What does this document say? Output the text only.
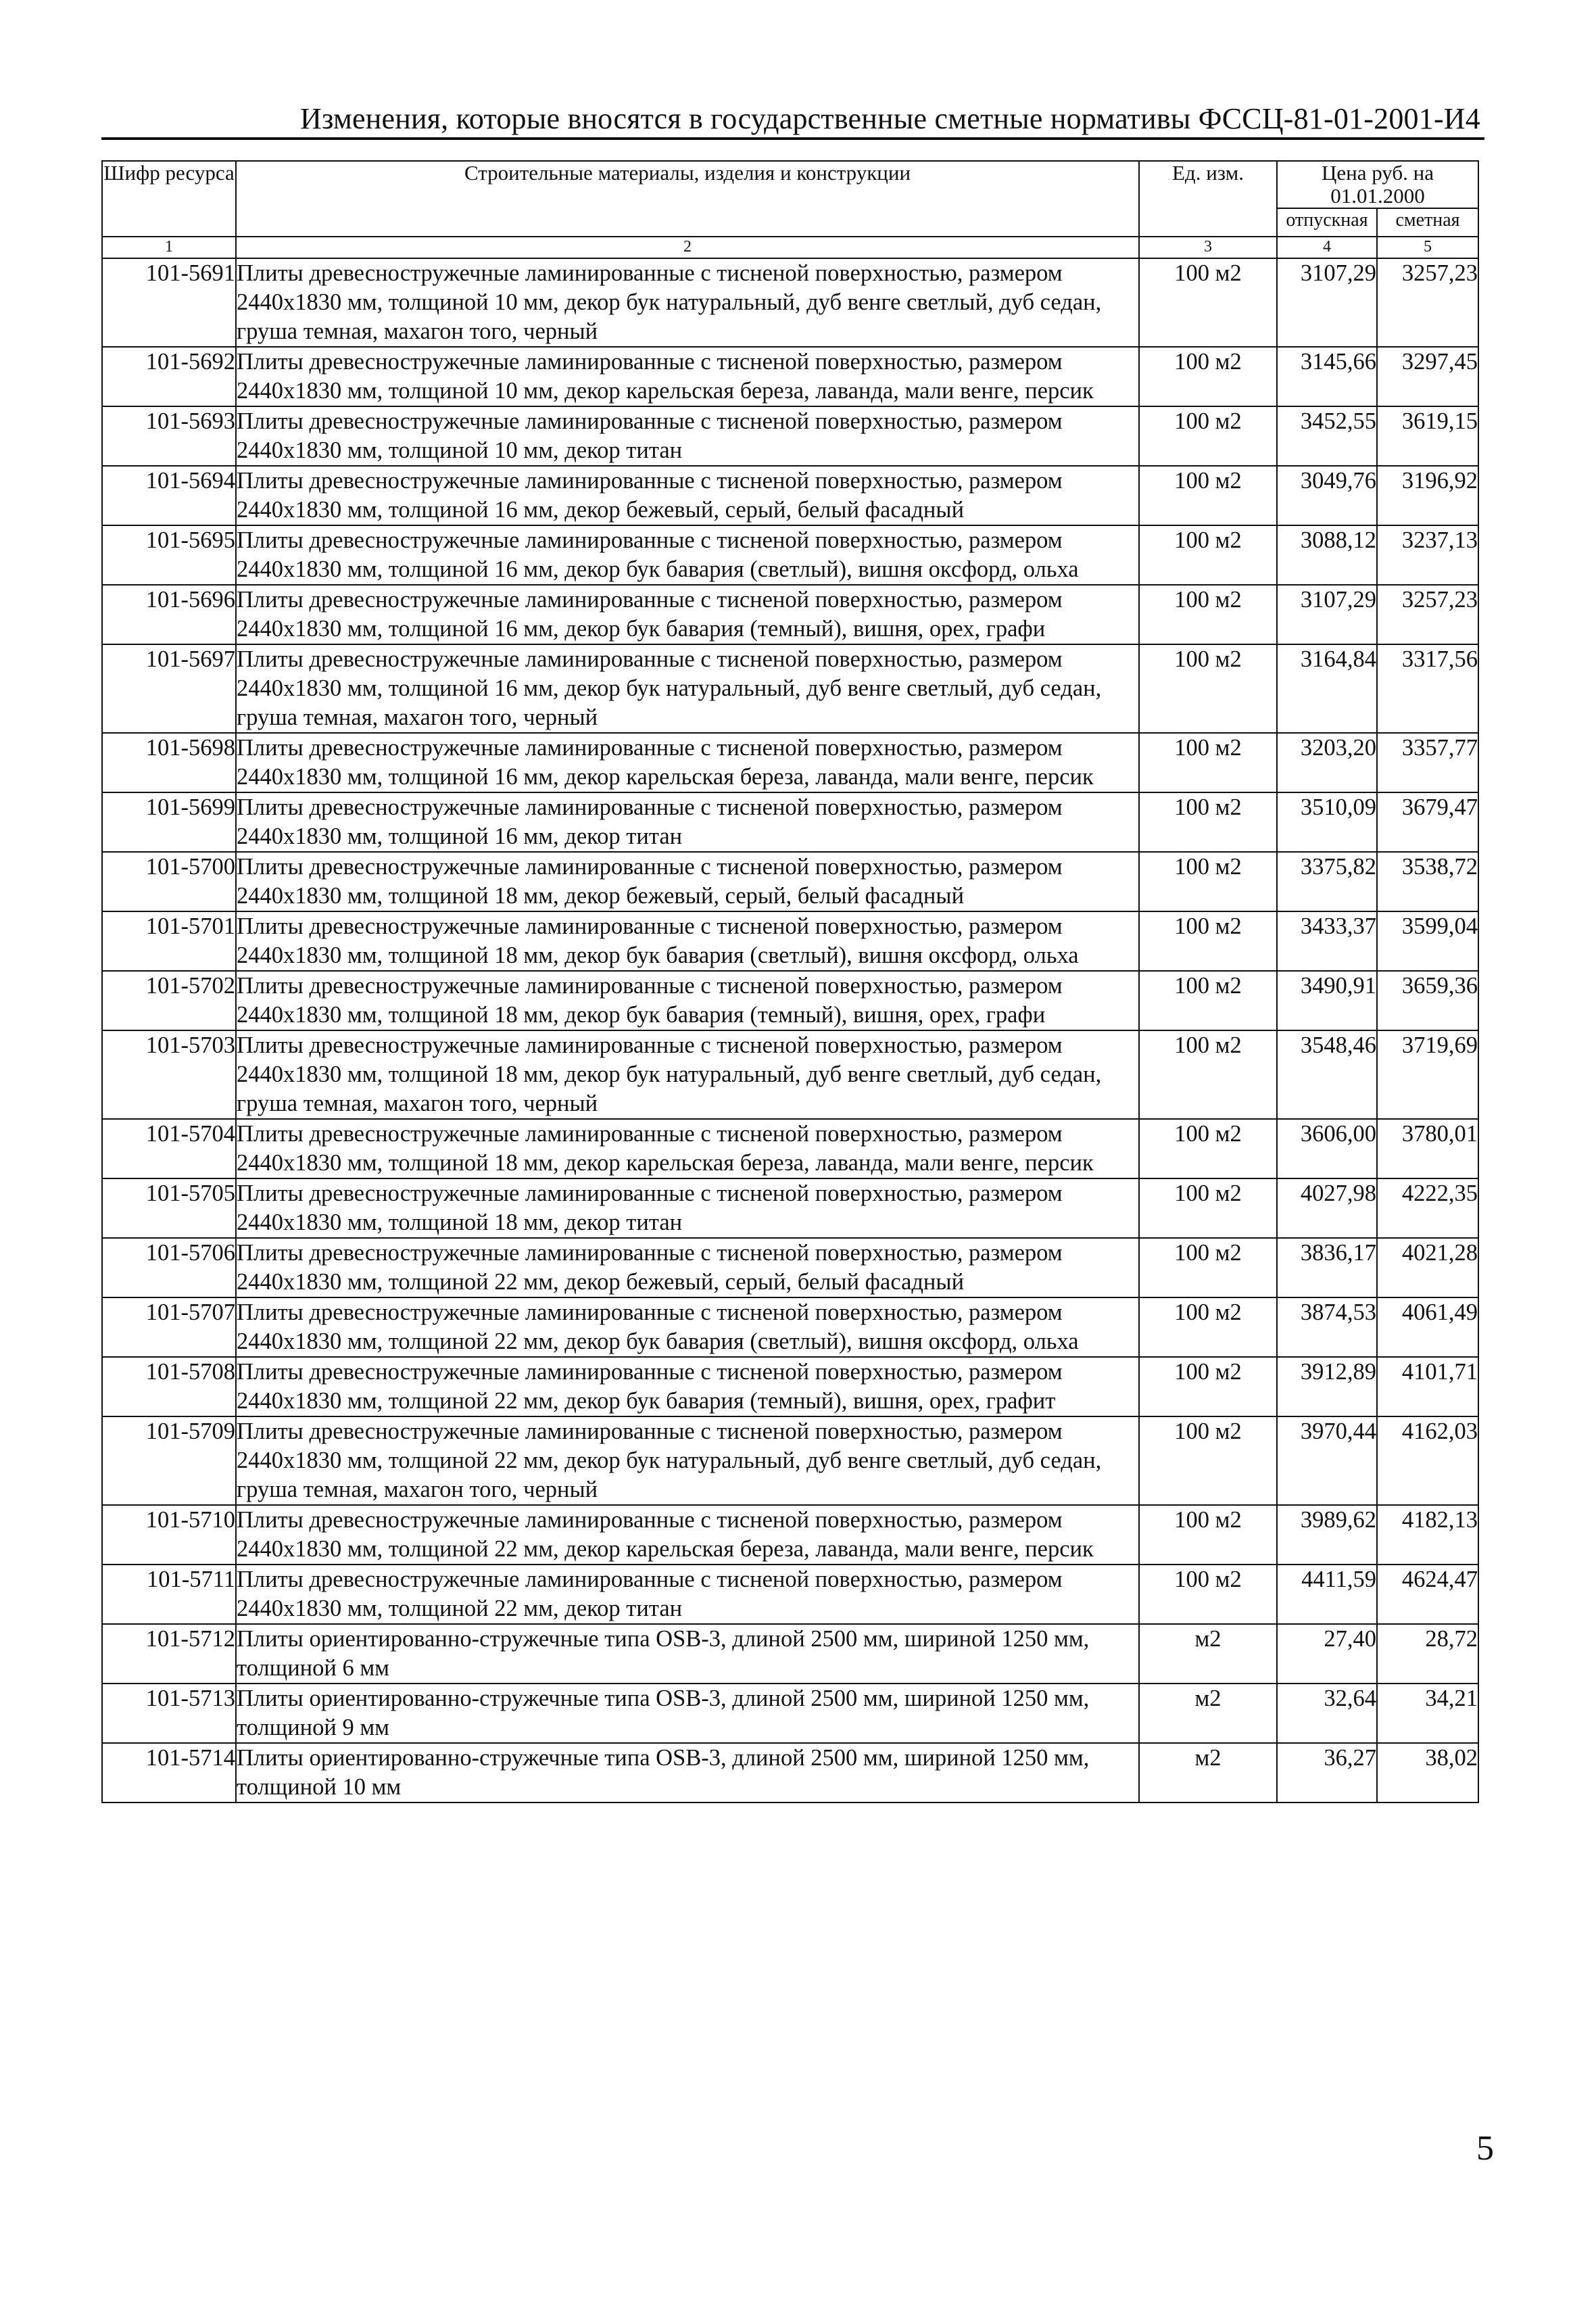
Изменения, которые вносятся в государственные сметные нормативы ФССЦ-81-01-2001-И4
Шифр ресурса	Строительные материалы, изделия и конструкции	Ед. изм.	Цена руб. на 01.01.2000	
			отпускная	сметная
1	2	3	4	5
101-5691	Плиты древесностружечные ламинированные с тисненой поверхностью, размером 2440х1830 мм, толщиной 10 мм, декор бук натуральный, дуб венге светлый, дуб седан, груша темная, махагон того, черный	100 м2	3107,29	3257,23
101-5692	Плиты древесностружечные ламинированные с тисненой поверхностью, размером 2440х1830 мм, толщиной 10 мм, декор карельская береза, лаванда, мали венге, персик	100 м2	3145,66	3297,45
101-5693	Плиты древесностружечные ламинированные с тисненой поверхностью, размером 2440х1830 мм, толщиной 10 мм, декор титан	100 м2	3452,55	3619,15
101-5694	Плиты древесностружечные ламинированные с тисненой поверхностью, размером 2440х1830 мм, толщиной 16 мм, декор бежевый, серый, белый фасадный	100 м2	3049,76	3196,92
101-5695	Плиты древесностружечные ламинированные с тисненой поверхностью, размером 2440х1830 мм, толщиной 16 мм, декор бук бавария (светлый), вишня оксфорд, ольха	100 м2	3088,12	3237,13
101-5696	Плиты древесностружечные ламинированные с тисненой поверхностью, размером 2440х1830 мм, толщиной 16 мм, декор бук бавария (темный), вишня, орех, графи	100 м2	3107,29	3257,23
101-5697	Плиты древесностружечные ламинированные с тисненой поверхностью, размером 2440х1830 мм, толщиной 16 мм, декор бук натуральный, дуб венге светлый, дуб седан, груша темная, махагон того, черный	100 м2	3164,84	3317,56
101-5698	Плиты древесностружечные ламинированные с тисненой поверхностью, размером 2440х1830 мм, толщиной 16 мм, декор карельская береза, лаванда, мали венге, персик	100 м2	3203,20	3357,77
101-5699	Плиты древесностружечные ламинированные с тисненой поверхностью, размером 2440х1830 мм, толщиной 16 мм, декор титан	100 м2	3510,09	3679,47
101-5700	Плиты древесностружечные ламинированные с тисненой поверхностью, размером 2440х1830 мм, толщиной 18 мм, декор бежевый, серый, белый фасадный	100 м2	3375,82	3538,72
101-5701	Плиты древесностружечные ламинированные с тисненой поверхностью, размером 2440х1830 мм, толщиной 18 мм, декор бук бавария (светлый), вишня оксфорд, ольха	100 м2	3433,37	3599,04
101-5702	Плиты древесностружечные ламинированные с тисненой поверхностью, размером 2440х1830 мм, толщиной 18 мм, декор бук бавария (темный), вишня, орех, графи	100 м2	3490,91	3659,36
101-5703	Плиты древесностружечные ламинированные с тисненой поверхностью, размером 2440х1830 мм, толщиной 18 мм, декор бук натуральный, дуб венге светлый, дуб седан, груша темная, махагон того, черный	100 м2	3548,46	3719,69
101-5704	Плиты древесностружечные ламинированные с тисненой поверхностью, размером 2440х1830 мм, толщиной 18 мм, декор карельская береза, лаванда, мали венге, персик	100 м2	3606,00	3780,01
101-5705	Плиты древесностружечные ламинированные с тисненой поверхностью, размером 2440х1830 мм, толщиной 18 мм, декор титан	100 м2	4027,98	4222,35
101-5706	Плиты древесностружечные ламинированные с тисненой поверхностью, размером 2440х1830 мм, толщиной 22 мм, декор бежевый, серый, белый фасадный	100 м2	3836,17	4021,28
101-5707	Плиты древесностружечные ламинированные с тисненой поверхностью, размером 2440х1830 мм, толщиной 22 мм, декор бук бавария (светлый), вишня оксфорд, ольха	100 м2	3874,53	4061,49
101-5708	Плиты древесностружечные ламинированные с тисненой поверхностью, размером 2440х1830 мм, толщиной 22 мм, декор бук бавария (темный), вишня, орех, графит	100 м2	3912,89	4101,71
101-5709	Плиты древесностружечные ламинированные с тисненой поверхностью, размером 2440х1830 мм, толщиной 22 мм, декор бук натуральный, дуб венге светлый, дуб седан, груша темная, махагон того, черный	100 м2	3970,44	4162,03
101-5710	Плиты древесностружечные ламинированные с тисненой поверхностью, размером 2440х1830 мм, толщиной 22 мм, декор карельская береза, лаванда, мали венге, персик	100 м2	3989,62	4182,13
101-5711	Плиты древесностружечные ламинированные с тисненой поверхностью, размером 2440х1830 мм, толщиной 22 мм, декор титан	100 м2	4411,59	4624,47
101-5712	Плиты ориентированно-стружечные типа OSB-3, длиной 2500 мм, шириной 1250 мм, толщиной 6 мм	м2	27,40	28,72
101-5713	Плиты ориентированно-стружечные типа OSB-3, длиной 2500 мм, шириной 1250 мм, толщиной 9 мм	м2	32,64	34,21
101-5714	Плиты ориентированно-стружечные типа OSB-3, длиной 2500 мм, шириной 1250 мм, толщиной 10 мм	м2	36,27	38,02
5
